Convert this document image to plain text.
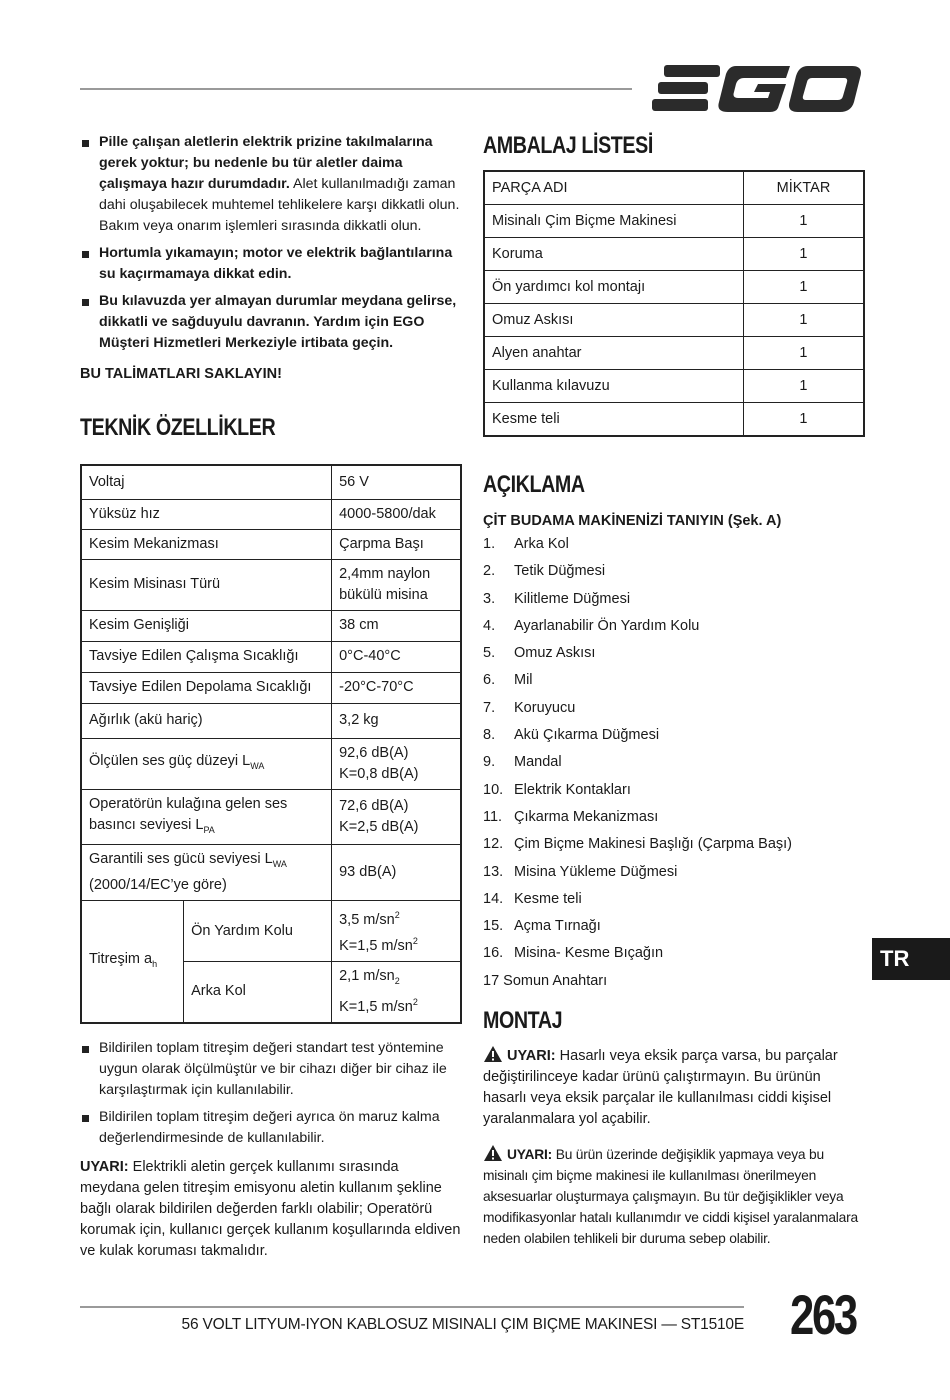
EGO
Pille çalışan aletlerin elektrik prizine takılmalarına gerek yoktur; bu nedenle bu tür aletler daima çalışmaya hazır durumdadır. Alet kullanılmadığı zaman dahi oluşabilecek muhtemel tehlikelere karşı dikkatli olun. Bakım veya onarım işlemleri sırasında dikkatli olun.
Hortumla yıkamayın; motor ve elektrik bağlantılarına su kaçırmamaya dikkat edin.
Bu kılavuzda yer almayan durumlar meydana gelirse, dikkatli ve sağduyulu davranın. Yardım için EGO Müşteri Hizmetleri Merkeziyle irtibata geçin.
BU TALİMATLARI SAKLAYIN!
TEKNİK ÖZELLİKLER
Voltaj		56 V
Yüksüz hız		4000-5800/dak
Kesim Mekanizması		Çarpma Başı
Kesim Misinası Türü		2,4mm naylon
bükülü misina
Kesim Genişliği		38 cm
Tavsiye Edilen Çalışma Sıcaklığı		0°C-40°C
Tavsiye Edilen Depolama Sıcaklığı		-20°C-70°C
Ağırlık (akü hariç)		3,2 kg
Ölçülen ses güç düzeyi $L_{WA}$		92,6 dB(A)
K=0,8 dB(A)
Operatörün kulağına gelen ses
basıncı seviyesi $L_{PA}$		72,6 dB(A)
K=2,5 dB(A)
Garantili ses gücü seviyesi $L_{WA}$
(2000/14/EC’ye göre)		93 dB(A)
Titreşim $a_h$	Ön Yardım Kolu	3,5 $m/sn^2$
K=1,5 $m/sn^2$
	Arka Kol	2,1 $m/sn_2$
K=1,5 $m/sn^2$
Bildirilen toplam titreşim değeri standart test yöntemine uygun olarak ölçülmüştür ve bir cihazı diğer bir cihaz ile karşılaştırmak için kullanılabilir.
Bildirilen toplam titreşim değeri ayrıca ön maruz kalma değerlendirmesinde de kullanılabilir.
UYARI: Elektrikli aletin gerçek kullanımı sırasında meydana gelen titreşim emisyonu aletin kullanım şekline bağlı olarak bildirilen değerden farklı olabilir; Operatörü korumak için, kullanıcı gerçek kullanım koşullarında eldiven ve kulak koruması takmalıdır.
AMBALAJ LİSTESİ
PARÇA ADI	MİKTAR
Misinalı Çim Biçme Makinesi	1
Koruma	1
Ön yardımcı kol montajı	1
Omuz Askısı	1
Alyen anahtar	1
Kullanma kılavuzu	1
Kesme teli	1
AÇIKLAMA
ÇİT BUDAMA MAKİNENİZİ TANIYIN (Şek. A)
1. Arka Kol
2. Tetik Düğmesi
3. Kilitleme Düğmesi
4. Ayarlanabilir Ön Yardım Kolu
5. Omuz Askısı
6. Mil
7. Koruyucu
8. Akü Çıkarma Düğmesi
9. Mandal
10. Elektrik Kontakları
11. Çıkarma Mekanizması
12. Çim Biçme Makinesi Başlığı (Çarpma Başı)
13. Misina Yükleme Düğmesi
14. Kesme teli
15. Açma Tırnağı
16. Misina- Kesme Bıçağın
17 Somun Anahtarı
MONTAJ
UYARI: Hasarlı veya eksik parça varsa, bu parçalar değiştirilinceye kadar ürünü çalıştırmayın. Bu ürünün hasarlı veya eksik parçalar ile kullanılması ciddi kişisel yaralanmalara yol açabilir.
UYARI: Bu ürün üzerinde değişiklik yapmaya veya bu misinalı çim biçme makinesi ile kullanılması önerilmeyen aksesuarlar oluşturmaya çalışmayın. Bu tür değişiklikler veya modifikasyonlar hatalı kullanımdır ve ciddi kişisel yaralanmalara neden olabilen tehlikeli bir duruma sebep olabilir.
TR
56 VOLT LITYUM-IYON KABLOSUZ MISINALI ÇIM BIÇME MAKINESI — ST1510E 263
